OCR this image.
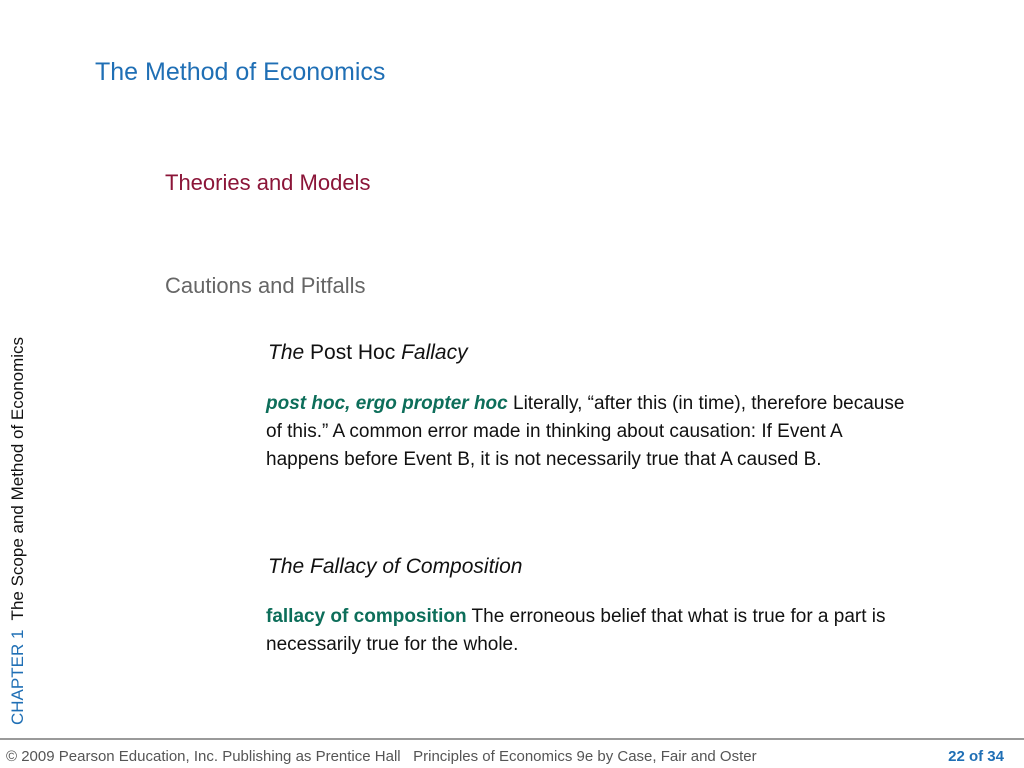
The Method of Economics
Theories and Models
Cautions and Pitfalls
The Post Hoc Fallacy
post hoc, ergo propter hoc Literally, “after this (in time), therefore because of this.” A common error made in thinking about causation: If Event A happens before Event B, it is not necessarily true that A caused B.
The Fallacy of Composition
fallacy of composition The erroneous belief that what is true for a part is necessarily true for the whole.
CHAPTER 1  The Scope and Method of Economics
© 2009 Pearson Education, Inc. Publishing as Prentice Hall   Principles of Economics 9e by Case, Fair and Oster	22 of 34
